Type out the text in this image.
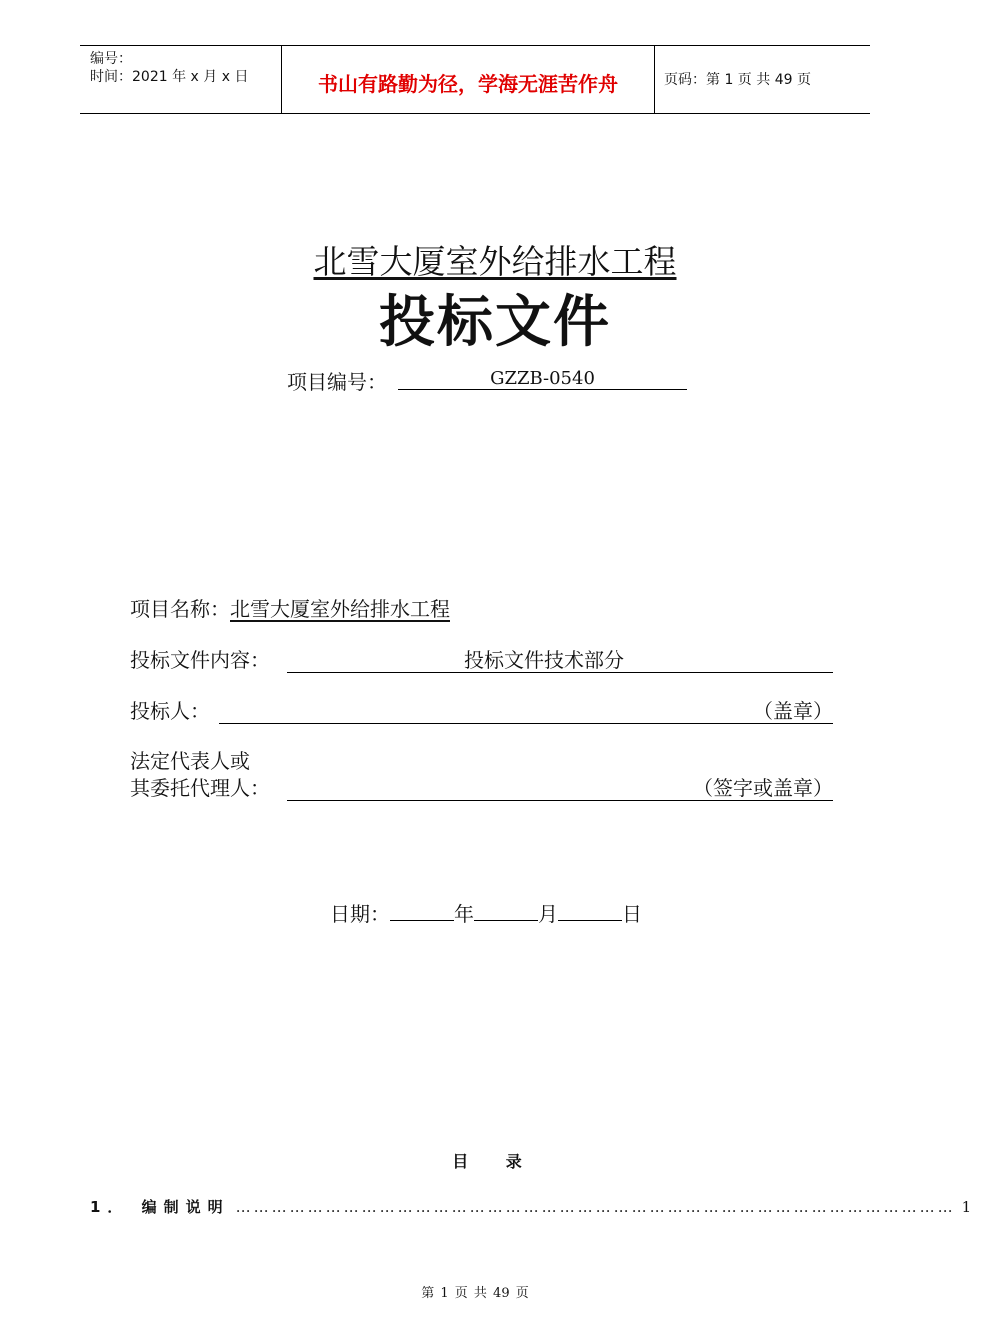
编号：
时间：2021 年 x 月 x 日	书山有路勤为径，学海无涯苦作舟	页码：第 1 页 共 49 页
北雪大厦室外给排水工程
投标文件
项目编号：	GZZB-0540
项目名称：北雪大厦室外给排水工程
投标文件内容：	投标文件技术部分
投标人：	（盖章）
法定代表人或
其委托代理人：	（签字或盖章）
日期：	年	月	日
目 录
1． 编制说明 ………………………………………………………………………………………………………… 1
第 1 页 共 49 页
